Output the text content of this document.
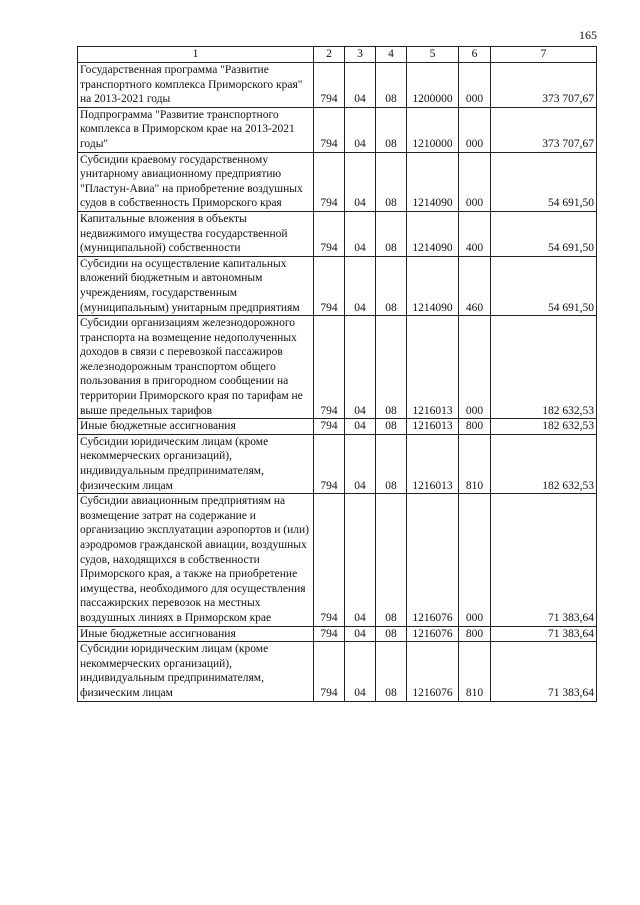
165
1	2	3	4	5	6	7
Государственная программа "Развитие транспортного комплекса Приморского края" на 2013-2021 годы	794	04	08	1200000	000	373 707,67
Подпрограмма "Развитие транспортного комплекса в Приморском крае на 2013-2021 годы"	794	04	08	1210000	000	373 707,67
Субсидии краевому государственному унитарному авиационному предприятию "Пластун-Авиа" на приобретение воздушных судов в собственность Приморского края	794	04	08	1214090	000	54 691,50
Капитальные вложения в объекты недвижимого имущества государственной (муниципальной) собственности	794	04	08	1214090	400	54 691,50
Субсидии на осуществление капитальных вложений бюджетным и автономным учреждениям, государственным (муниципальным) унитарным предприятиям	794	04	08	1214090	460	54 691,50
Субсидии организациям железнодорожного транспорта на возмещение недополученных доходов в связи с перевозкой пассажиров железнодорожным транспортом общего пользования в пригородном сообщении на территории Приморского края по тарифам не выше предельных тарифов	794	04	08	1216013	000	182 632,53
Иные бюджетные ассигнования	794	04	08	1216013	800	182 632,53
Субсидии юридическим лицам (кроме некоммерческих организаций), индивидуальным предпринимателям, физическим лицам	794	04	08	1216013	810	182 632,53
Субсидии авиационным предприятиям на возмещение затрат на содержание и организацию эксплуатации аэропортов и (или) аэродромов гражданской авиации, воздушных судов, находящихся в собственности Приморского края, а также на приобретение имущества, необходимого для осуществления пассажирских перевозок на местных воздушных линиях в Приморском крае	794	04	08	1216076	000	71 383,64
Иные бюджетные ассигнования	794	04	08	1216076	800	71 383,64
Субсидии юридическим лицам (кроме некоммерческих организаций), индивидуальным предпринимателям, физическим лицам	794	04	08	1216076	810	71 383,64
